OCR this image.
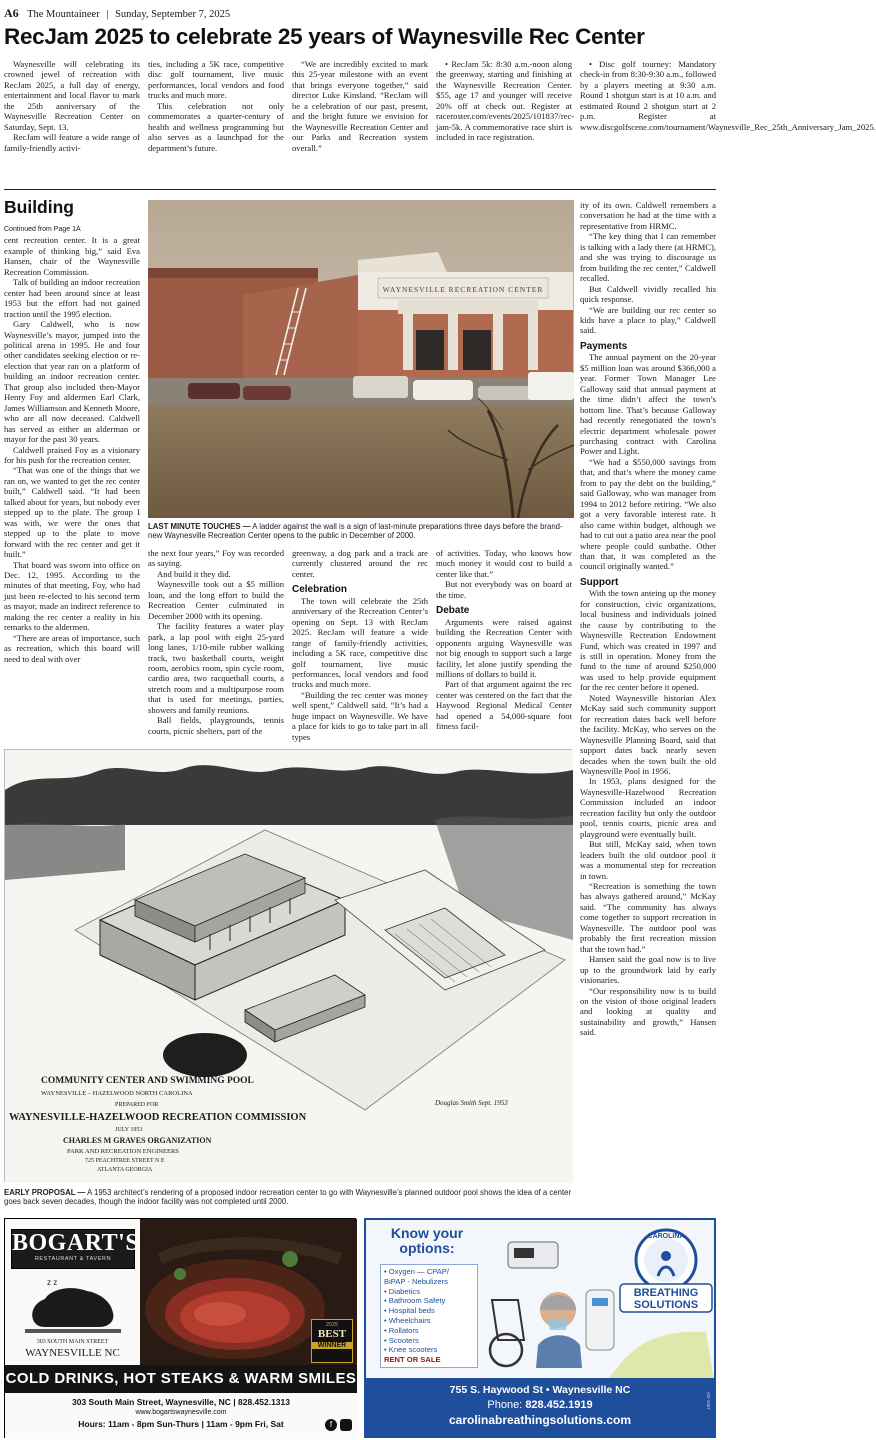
A6 The Mountaineer | Sunday, September 7, 2025
RecJam 2025 to celebrate 25 years of Waynesville Rec Center

Waynesville will celebrating its crowned jewel of recreation with RecJam 2025, a full day of energy, entertainment and local flavor to mark the 25th anniversary of the Waynesville Recreation Center on Saturday, Sept. 13.

RecJam will feature a wide range of family-friendly activi-

ties, including a 5K race, competitive disc golf tournament, live music performances, local vendors and food trucks and much more.

This celebration not only commemorates a quarter-century of health and wellness programming but also serves as a launchpad for the department’s future.

“We are incredibly excited to mark this 25-year milestone with an event that brings everyone together,” said director Luke Kinsland. “RecJam will be a celebration of our past, present, and the bright future we envision for the Waynesville Recreation Center and our Parks and Recreation system overall.”

• RecJam 5k: 8:30 a.m.-noon along the greenway, starting and finishing at the Waynesville Recreation Center. $55, age 17 and younger will receive 20% off at check out. Register at raceroster.com/events/2025/101837/rec-jam-5k. A commemorative race shirt is included in race registration.

• Disc golf tourney: Mandatory check-in from 8:30-9:30 a.m., followed by a players meeting at 9:30 a.m. Round 1 shotgun start is at 10 a.m. and estimated Round 2 shotgun start at 2 p.m. Register at www.discgolfscene.com/tournament/Waynesville_Rec_25th_Anniversary_Jam_2025.

Building

Continued from Page 1A

cent recreation center. It is a great example of thinking big,” said Eva Hansen, chair of the Waynesville Recreation Commission.

Talk of building an indoor recreation center had been around since at least 1953 but the effort had not gained traction until the 1995 election.

Gary Caldwell, who is now Waynesville’s mayor, jumped into the political arena in 1995. He and four other candidates seeking election or re-election that year ran on a platform of building an indoor recreation center. That group also included then-Mayor Henry Foy and aldermen Earl Clark, James Williamson and Kenneth Moore, who are all now deceased. Caldwell has served as either an alderman or mayor for the past 30 years.

Caldwell praised Foy as a visionary for his push for the recreation center.

“That was one of the things that we ran on, we wanted to get the rec center built,” Caldwell said. “It had been talked about for years, but nobody ever stepped up to the plate. The group I was with, we were the ones that stepped up to the plate to move forward with the rec center and get it built.”

That board was sworn into office on Dec. 12, 1995. According to the minutes of that meeting, Foy, who had just been re-elected to his second term as mayor, made an indirect reference to making the rec center a reality in his remarks to the aldermen.

“There are areas of importance, such as recreation, which this board will need to deal with over

WAYNESVILLE RECREATION CENTER
LAST MINUTE TOUCHES — A ladder against the wall is a sign of last-minute preparations three days before the brand-new Waynesville Recreation Center opens to the public in December of 2000.

the next four years,” Foy was recorded as saying.

And build it they did.

Waynesville took out a $5 million loan, and the long effort to build the Recreation Center culminated in December 2000 with its opening.

The facility features a water play park, a lap pool with eight 25-yard long lanes, 1/10-mile rubber walking track, two basketball courts, weight room, aerobics room, spin cycle room, cardio area, two racquetball courts, a stretch room and a multipurpose room that is used for meetings, parties, showers and family reunions.

Ball fields, playgrounds, tennis courts, picnic shelters, part of the

greenway, a dog park and a track are currently clustered around the rec center.

Celebration

The town will celebrate the 25th anniversary of the Recreation Center’s opening on Sept. 13 with RecJam 2025. RecJam will feature a wide range of family-friendly activities, including a 5K race, competitive disc golf tournament, live music performances, local vendors and food trucks and much more.

“Building the rec center was money well spent,” Caldwell said. “It’s had a huge impact on Waynesville. We have a place for kids to go to take part in all types

of activities. Today, who knows how much money it would cost to build a center like that.”

But not everybody was on board at the time.

Debate

Arguments were raised against building the Recreation Center with opponents arguing Waynesville was not big enough to support such a large facility, let alone justify spending the millions of dollars to build it.

Part of that argument against the rec center was centered on the fact that the Haywood Regional Medical Center had opened a 54,000-square foot fitness facil-

ity of its own. Caldwell remembers a conversation he had at the time with a representative from HRMC.

“The key thing that I can remember is talking with a lady there (at HRMC), and she was trying to discourage us from building the rec center,” Caldwell recalled.

But Caldwell vividly recalled his quick response.

“We are building our rec center so kids have a place to play,” Caldwell said.

Payments

The annual payment on the 20-year $5 million loan was around $366,000 a year. Former Town Manager Lee Galloway said that annual payment at the time didn’t affect the town’s bottom line. That’s because Galloway had recently renegotiated the town’s electric department wholesale power purchasing contract with Carolina Power and Light.

“We had a $550,000 savings from that, and that’s where the money came from to pay the debt on the building,” said Galloway, who was manager from 1994 to 2012 before retiring. “We also got a very favorable interest rate. It also came within budget, although we had to cut out a patio area near the pool where people could sunbathe. Other than that, it was completed as the council originally wanted.”

Support

With the town anteing up the money for construction, civic organizations, local business and individuals joined the cause by contributing to the Waynesville Recreation Endowment Fund, which was created in 1997 and is still in operation. Money from the fund to the tune of around $250,000 was used to help provide equipment for the rec center before it opened.

Noted Waynesville historian Alex McKay said such community support for recreation dates back well before the facility. McKay, who serves on the Waynesville Planning Board, said that support dates back nearly seven decades when the town built the old Waynesville Pool in 1956.

In 1953, plans designed for the Waynesville-Hazelwood Recreation Commission included an indoor recreation facility but only the outdoor pool, tennis courts, picnic area and playground were eventually built.

But still, McKay said, when town leaders built the old outdoor pool it was a monumental step for recreation in town.

“Recreation is something the town has always gathered around,” McKay said. “The community has always come together to support recreation in Waynesville. The outdoor pool was probably the first recreation mission that the town had.”

Hansen said the goal now is to live up to the groundwork laid by early visionaries.

“Our responsibility now is to build on the vision of those original leaders and looking at quality and sustainability and growth,” Hansen said.

COMMUNITY CENTER AND SWIMMING POOL
WAYNESVILLE – HAZELWOOD NORTH CAROLINA
PREPARED FOR
WAYNESVILLE-HAZELWOOD RECREATION COMMISSION
JULY 1953
CHARLES M GRAVES ORGANIZATION
PARK AND RECREATION ENGINEERS
725 PEACHTREE STREET N E
ATLANTA GEORGIA
Douglas Smith Sept. 1953
EARLY PROPOSAL — A 1953 architect’s rendering of a proposed indoor recreation center to go with Waynesville’s planned outdoor pool shows the idea of a center goes back seven decades, though the indoor facility was not completed until 2000.
BOGART'S
RESTAURANT & TAVERN
z z
303 SOUTH MAIN STREET
WAYNESVILLE NC
2025
BEST
WINNER
COLD DRINKS, HOT STEAKS & WARM SMILES
303 South Main Street, Waynesville, NC | 828.452.1313
www.bogartswaynesville.com
Hours: 11am - 8pm Sun-Thurs | 11am - 9pm Fri, Sat	f
Know your options:
• Oxygen — CPAP/
BiPAP - Nebulizers
• Diabetics
• Bathroom Safety
• Hospital beds
• Wheelchairs
• Rollators
• Scooters
• Knee scooters
RENT OR SALE
CAROLINA
BREATHING
SOLUTIONS
755 S. Haywood St • Waynesville NC
Phone: 828.452.1919
carolinabreathingsolutions.com
AD-1067
